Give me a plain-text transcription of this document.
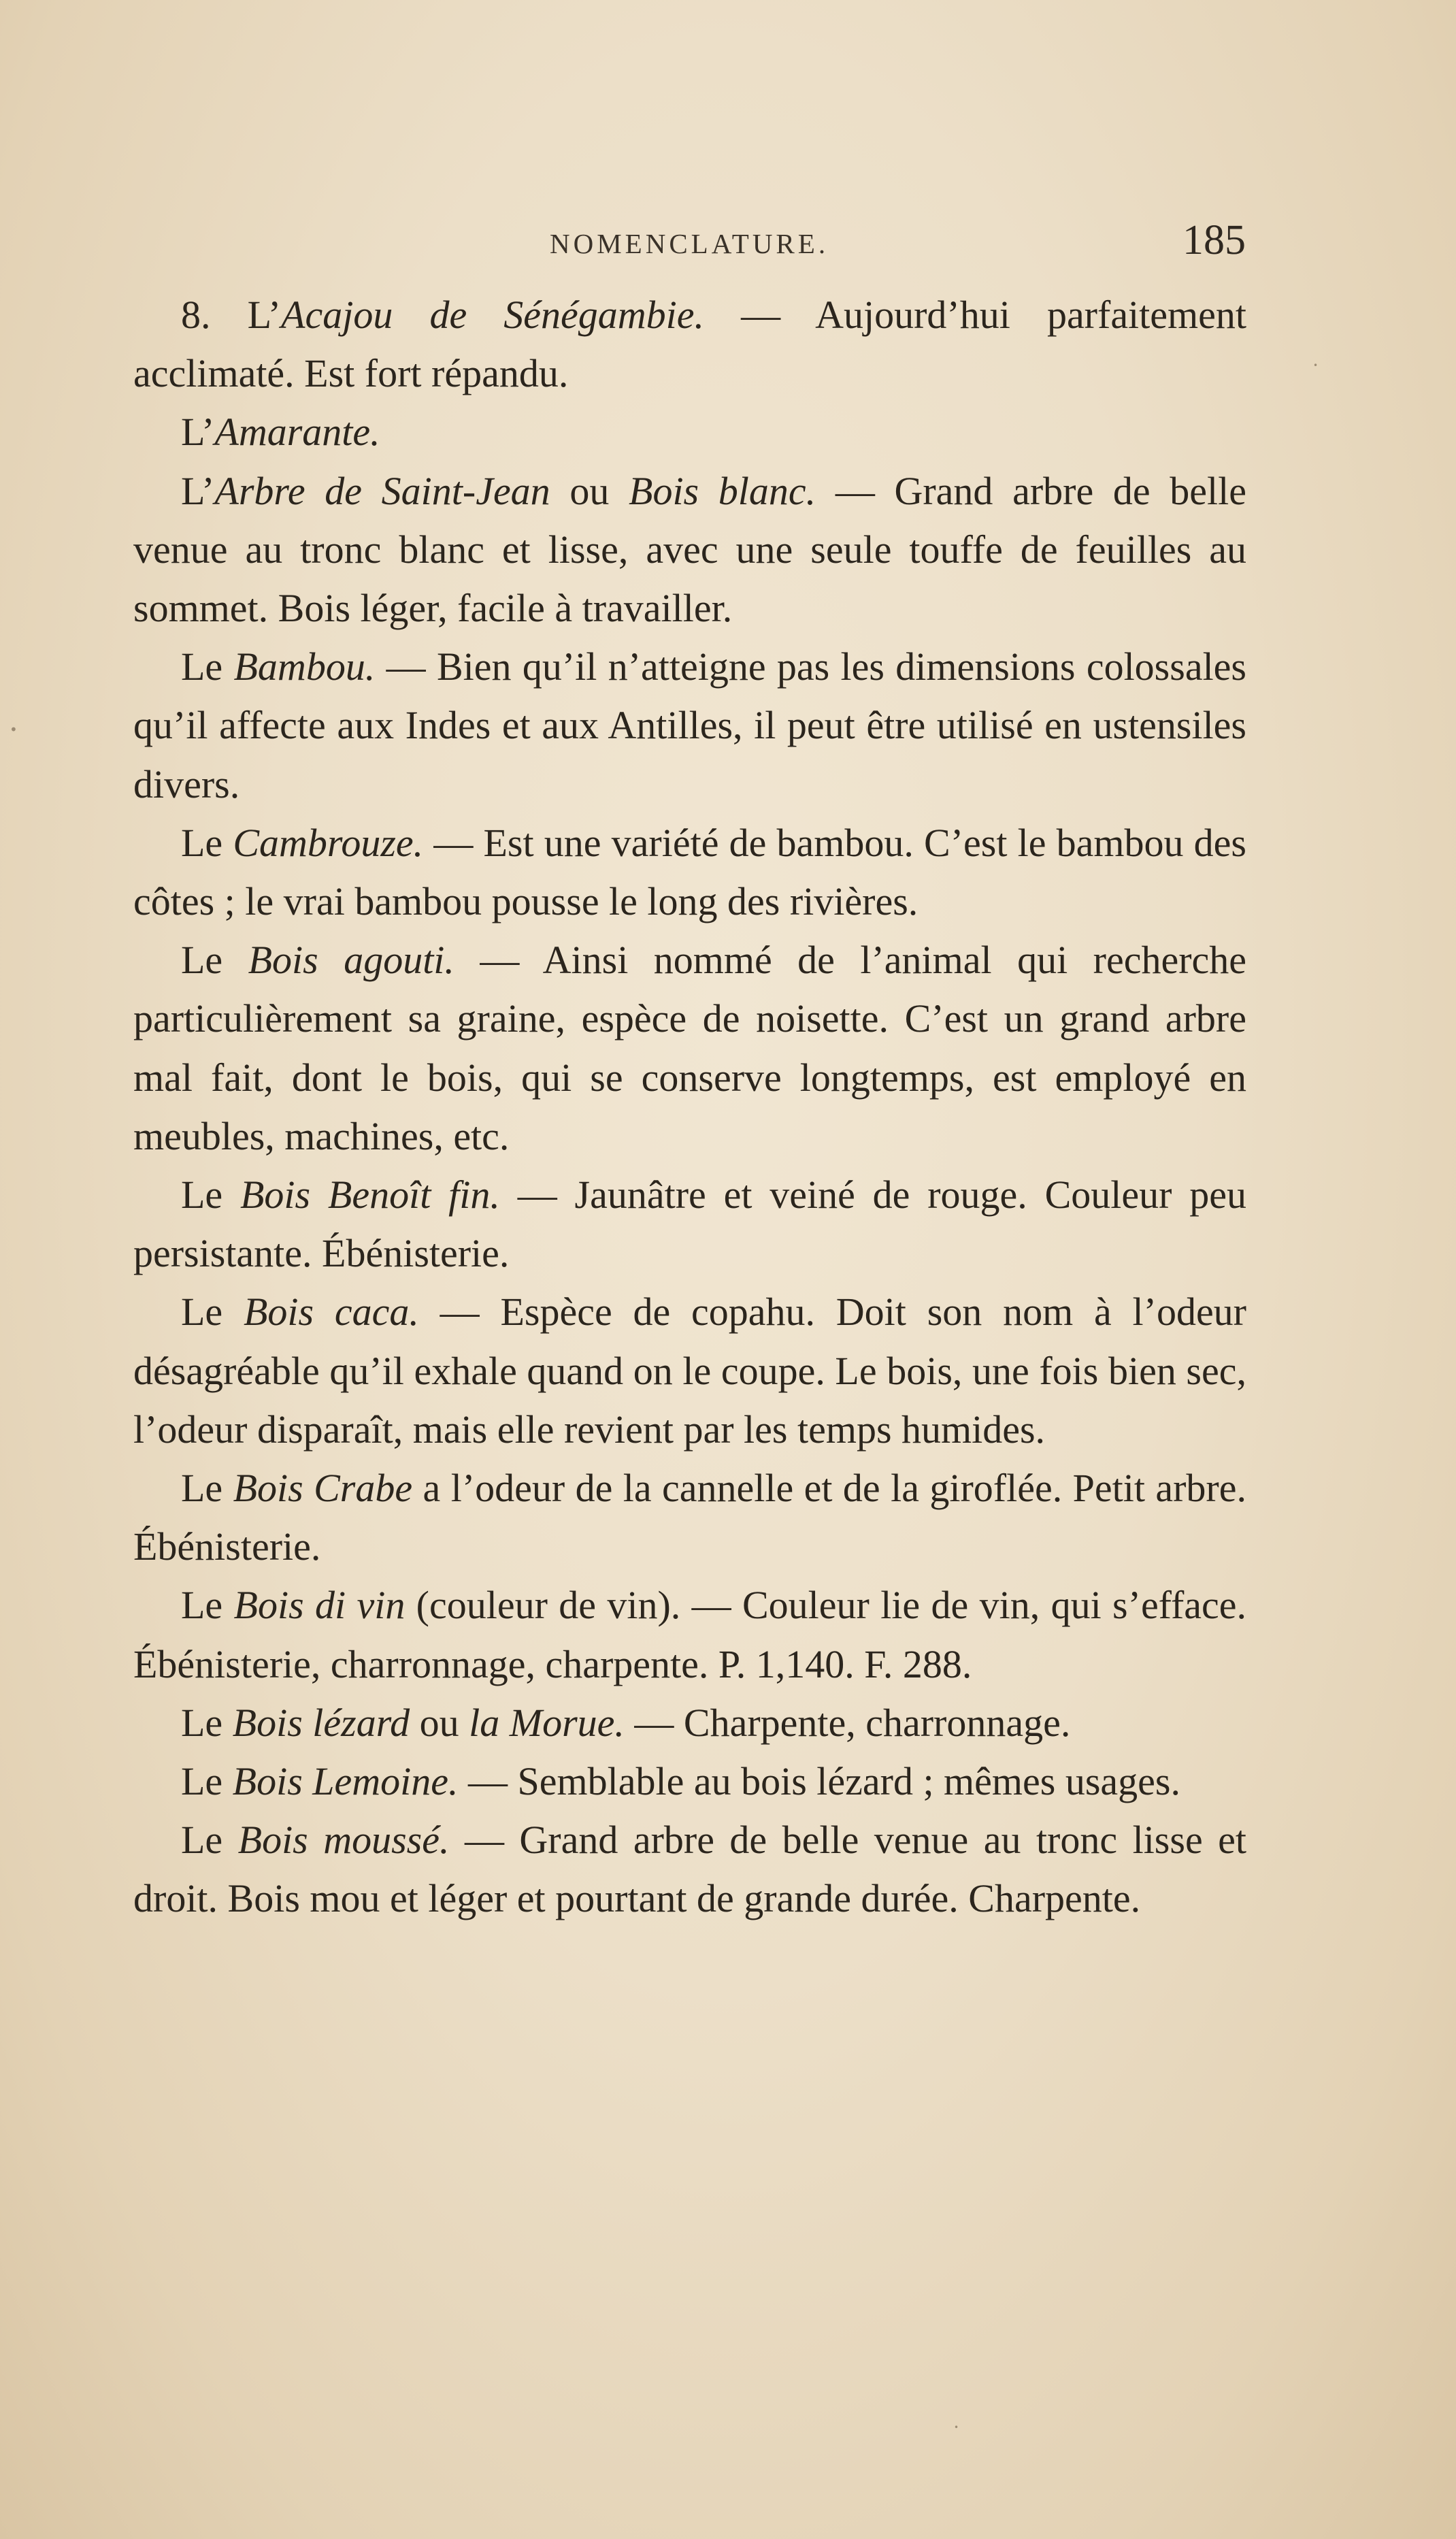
NOMENCLATURE.	185

8. L’Acajou de Sénégambie. — Aujourd’hui parfaitement acclimaté. Est fort répandu.

L’Amarante.

L’Arbre de Saint-Jean ou Bois blanc. — Grand arbre de belle venue au tronc blanc et lisse, avec une seule touffe de feuilles au sommet. Bois léger, facile à travailler.

Le Bambou. — Bien qu’il n’atteigne pas les dimensions colossales qu’il affecte aux Indes et aux Antilles, il peut être utilisé en ustensiles divers.

Le Cambrouze. — Est une variété de bambou. C’est le bambou des côtes ; le vrai bambou pousse le long des rivières.

Le Bois agouti. — Ainsi nommé de l’animal qui recherche particulièrement sa graine, espèce de noisette. C’est un grand arbre mal fait, dont le bois, qui se conserve longtemps, est employé en meubles, machines, etc.

Le Bois Benoît fin. — Jaunâtre et veiné de rouge. Couleur peu persistante. Ébénisterie.

Le Bois caca. — Espèce de copahu. Doit son nom à l’odeur désagréable qu’il exhale quand on le coupe. Le bois, une fois bien sec, l’odeur disparaît, mais elle revient par les temps humides.

Le Bois Crabe a l’odeur de la cannelle et de la giroflée. Petit arbre. Ébénisterie.

Le Bois di vin (couleur de vin). — Couleur lie de vin, qui s’efface. Ébénisterie, charronnage, charpente. P. 1,140. F. 288.

Le Bois lézard ou la Morue. — Charpente, charronnage.

Le Bois Lemoine. — Semblable au bois lézard ; mêmes usages.

Le Bois moussé. — Grand arbre de belle venue au tronc lisse et droit. Bois mou et léger et pourtant de grande durée. Charpente.

•
•
•
